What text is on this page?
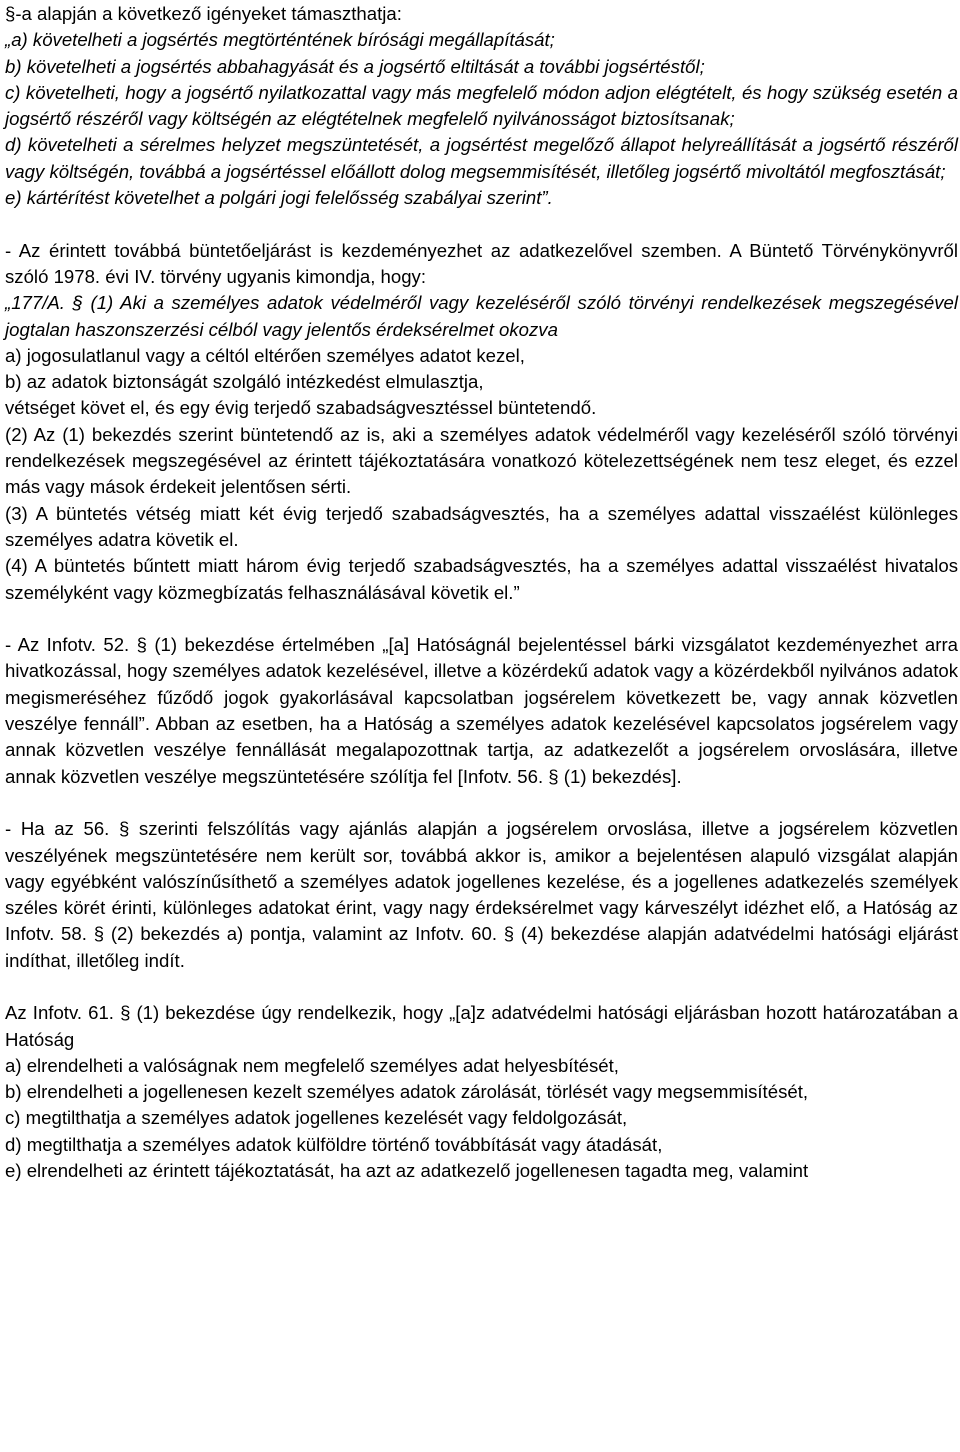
§-a alapján a következő igényeket támaszthatja:
„a) követelheti a jogsértés megtörténtének bírósági megállapítását;
b) követelheti a jogsértés abbahagyását és a jogsértő eltiltását a további jogsértéstől;
c) követelheti, hogy a jogsértő nyilatkozattal vagy más megfelelő módon adjon elégtételt, és hogy szükség esetén a jogsértő részéről vagy költségén az elégtételnek megfelelő nyilvánosságot biztosítsanak;
d) követelheti a sérelmes helyzet megszüntetését, a jogsértést megelőző állapot helyreállítását a jogsértő részéről vagy költségén, továbbá a jogsértéssel előállott dolog megsemmisítését, illetőleg jogsértő mivoltától megfosztását;
e) kártérítést követelhet a polgári jogi felelősség szabályai szerint”.
- Az érintett továbbá büntetőeljárást is kezdeményezhet az adatkezelővel szemben. A Büntető Törvénykönyvről szóló 1978. évi IV. törvény ugyanis kimondja, hogy:
„177/A. § (1) Aki a személyes adatok védelméről vagy kezeléséről szóló törvényi rendelkezések megszegésével jogtalan haszonszerzési célból vagy jelentős érdeksérelmet okozva
a) jogosulatlanul vagy a céltól eltérően személyes adatot kezel,
b) az adatok biztonságát szolgáló intézkedést elmulasztja,
vétséget követ el, és egy évig terjedő szabadságvesztéssel büntetendő.
(2) Az (1) bekezdés szerint büntetendő az is, aki a személyes adatok védelméről vagy kezeléséről szóló törvényi rendelkezések megszegésével az érintett tájékoztatására vonatkozó kötelezettségének nem tesz eleget, és ezzel más vagy mások érdekeit jelentősen sérti.
(3) A büntetés vétség miatt két évig terjedő szabadságvesztés, ha a személyes adattal visszaélést különleges személyes adatra követik el.
(4) A büntetés bűntett miatt három évig terjedő szabadságvesztés, ha a személyes adattal visszaélést hivatalos személyként vagy közmegbízatás felhasználásával követik el.”
- Az Infotv. 52. § (1) bekezdése értelmében „[a] Hatóságnál bejelentéssel bárki vizsgálatot kezdeményezhet arra hivatkozással, hogy személyes adatok kezelésével, illetve a közérdekű adatok vagy a közérdekből nyilvános adatok megismeréséhez fűződő jogok gyakorlásával kapcsolatban jogsérelem következett be, vagy annak közvetlen veszélye fennáll”. Abban az esetben, ha a Hatóság a személyes adatok kezelésével kapcsolatos jogsérelem vagy annak közvetlen veszélye fennállását megalapozottnak tartja, az adatkezelőt a jogsérelem orvoslására, illetve annak közvetlen veszélye megszüntetésére szólítja fel [Infotv. 56. § (1) bekezdés].
- Ha az 56. § szerinti felszólítás vagy ajánlás alapján a jogsérelem orvoslása, illetve a jogsérelem közvetlen veszélyének megszüntetésére nem került sor, továbbá akkor is, amikor a bejelentésen alapuló vizsgálat alapján vagy egyébként valószínűsíthető a személyes adatok jogellenes kezelése, és a jogellenes adatkezelés személyek széles körét érinti, különleges adatokat érint, vagy nagy érdeksérelmet vagy kárveszélyt idézhet elő, a Hatóság az Infotv. 58. § (2) bekezdés a) pontja, valamint az Infotv. 60. § (4) bekezdése alapján adatvédelmi hatósági eljárást indíthat, illetőleg indít.
Az Infotv. 61. § (1) bekezdése úgy rendelkezik, hogy „[a]z adatvédelmi hatósági eljárásban hozott határozatában a Hatóság
a) elrendelheti a valóságnak nem megfelelő személyes adat helyesbítését,
b) elrendelheti a jogellenesen kezelt személyes adatok zárolását, törlését vagy megsemmisítését,
c) megtilthatja a személyes adatok jogellenes kezelését vagy feldolgozását,
d) megtilthatja a személyes adatok külföldre történő továbbítását vagy átadását,
e) elrendelheti az érintett tájékoztatását, ha azt az adatkezelő jogellenesen tagadta meg, valamint
